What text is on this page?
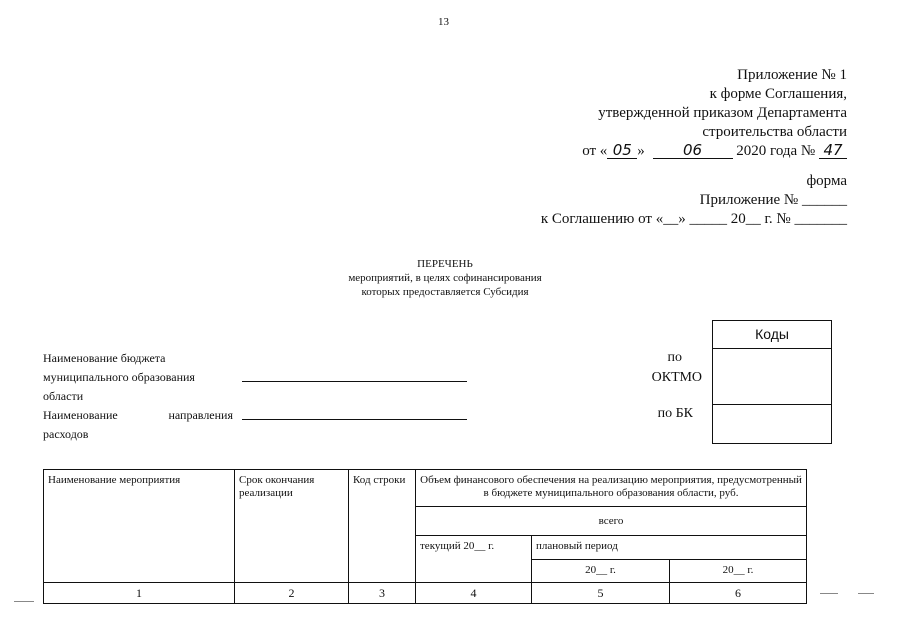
13
Приложение № 1
к форме Соглашения,
утвержденной приказом Департамента
строительства области
от « 05 »	06 2020 года № 47
форма
Приложение № ______
к Соглашению от «__» _____ 20__ г. № _______
ПЕРЕЧЕНЬ
мероприятий, в целях софинансирования
которых предоставляется Субсидия
Наименование бюджета
муниципального образования
области
Наименование	направления
расходов
по
ОКТМО
по БК
Коды
Наименование мероприятия	Срок окончания реализации	Код строки	Объем финансового обеспечения на реализацию мероприятия, предусмотренный в бюджете муниципального образования области, руб.		
			всего		
			текущий 20__ г.	плановый период	
				20__ г.	20__ г.
1	2	3	4	5	6
